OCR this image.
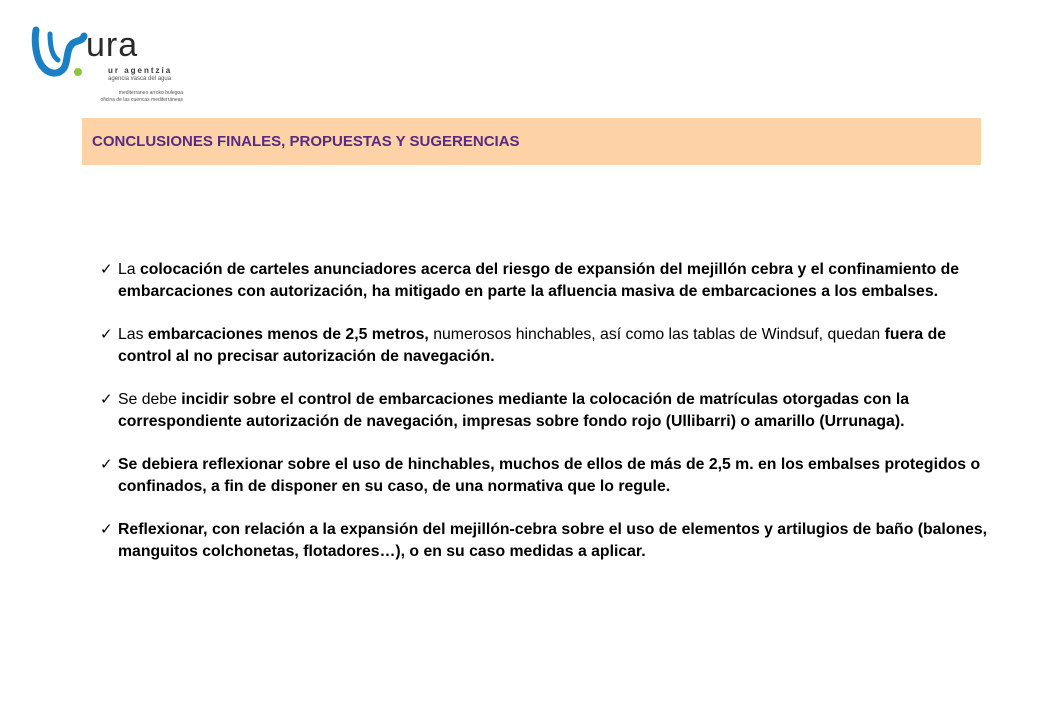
ura
ur agentzia
agencia vasca del agua
mediterraneo arroko bulegoa
oficina de las cuencas mediterráneas
CONCLUSIONES FINALES, PROPUESTAS Y SUGERENCIAS
✓ La colocación de carteles anunciadores acerca del riesgo de expansión del mejillón cebra y el confinamiento de embarcaciones con autorización, ha mitigado en parte la afluencia masiva de embarcaciones a los embalses.

✓ Las embarcaciones menos de 2,5 metros, numerosos hinchables, así como las tablas de Windsuf, quedan fuera de control al no precisar autorización de navegación.

✓ Se debe incidir sobre el control de embarcaciones mediante la colocación de matrículas otorgadas con la correspondiente autorización de navegación, impresas sobre fondo rojo (Ullibarri) o amarillo (Urrunaga).

✓ Se debiera reflexionar sobre el uso de hinchables, muchos de ellos de más de 2,5 m. en los embalses protegidos o confinados, a fin de disponer en su caso, de una normativa que lo regule.

✓ Reflexionar, con relación a la expansión del mejillón-cebra sobre el uso de elementos y artilugios de baño (balones, manguitos colchonetas, flotadores…), o en su caso medidas a aplicar.
